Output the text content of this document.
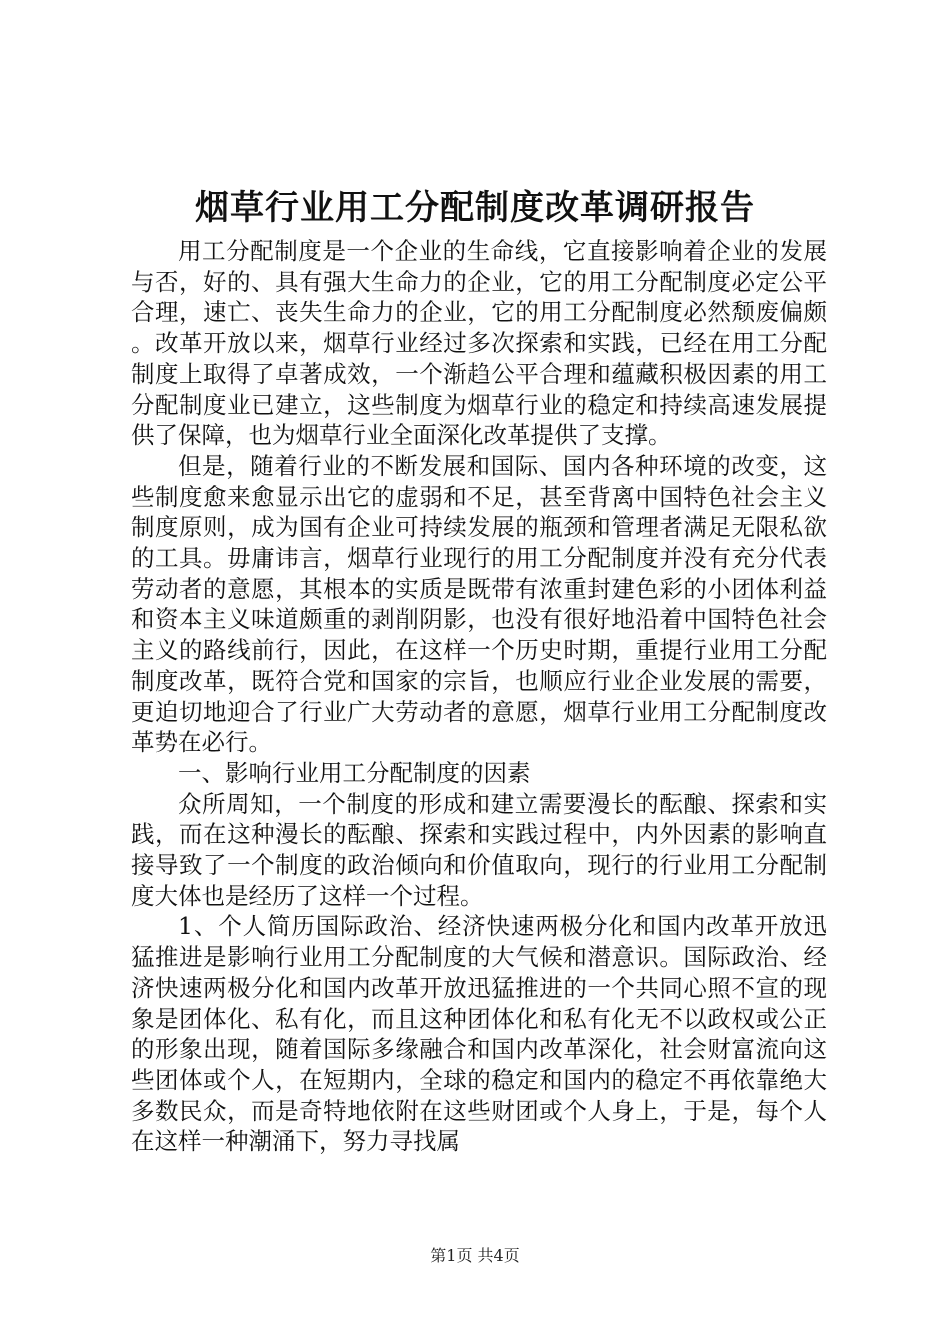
烟草行业用工分配制度改革调研报告

用工分配制度是一个企业的生命线，它直接影响着企业的发展与否，好的、具有强大生命力的企业，它的用工分配制度必定公平合理，速亡、丧失生命力的企业，它的用工分配制度必然颓废偏颇。改革开放以来，烟草行业经过多次探索和实践，已经在用工分配制度上取得了卓著成效，一个渐趋公平合理和蕴藏积极因素的用工分配制度业已建立，这些制度为烟草行业的稳定和持续高速发展提供了保障，也为烟草行业全面深化改革提供了支撑。

但是，随着行业的不断发展和国际、国内各种环境的改变，这些制度愈来愈显示出它的虚弱和不足，甚至背离中国特色社会主义制度原则，成为国有企业可持续发展的瓶颈和管理者满足无限私欲的工具。毋庸讳言，烟草行业现行的用工分配制度并没有充分代表劳动者的意愿，其根本的实质是既带有浓重封建色彩的小团体利益和资本主义味道颇重的剥削阴影，也没有很好地沿着中国特色社会主义的路线前行，因此，在这样一个历史时期，重提行业用工分配制度改革，既符合党和国家的宗旨，也顺应行业企业发展的需要，更迫切地迎合了行业广大劳动者的意愿，烟草行业用工分配制度改革势在必行。

一、影响行业用工分配制度的因素

众所周知，一个制度的形成和建立需要漫长的酝酿、探索和实践，而在这种漫长的酝酿、探索和实践过程中，内外因素的影响直接导致了一个制度的政治倾向和价值取向，现行的行业用工分配制度大体也是经历了这样一个过程。

1、个人简历国际政治、经济快速两极分化和国内改革开放迅猛推进是影响行业用工分配制度的大气候和潜意识。国际政治、经济快速两极分化和国内改革开放迅猛推进的一个共同心照不宣的现象是团体化、私有化，而且这种团体化和私有化无不以政权或公正的形象出现，随着国际多缘融合和国内改革深化，社会财富流向这些团体或个人，在短期内，全球的稳定和国内的稳定不再依靠绝大多数民众，而是奇特地依附在这些财团或个人身上，于是，每个人在这样一种潮涌下，努力寻找属

第1页 共4页
